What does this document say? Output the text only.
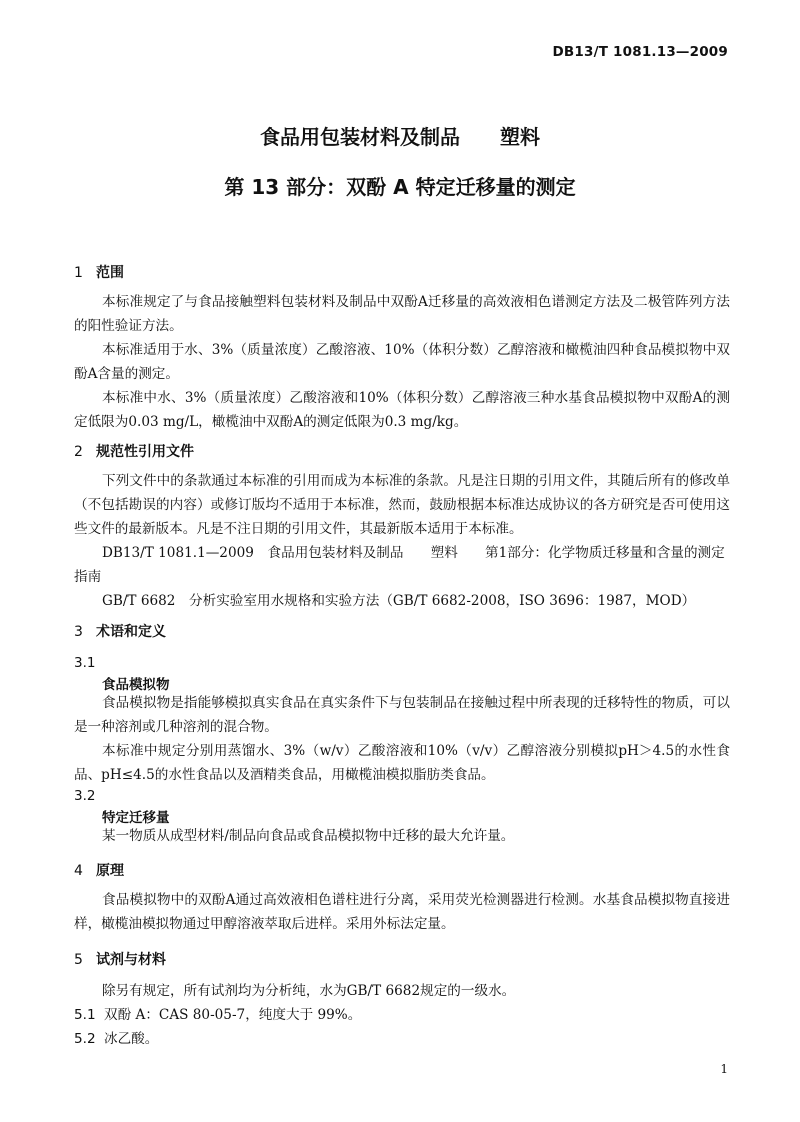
DB13/T 1081.13—2009
食品用包装材料及制品 塑料
第 13 部分：双酚 A 特定迁移量的测定
1 范围
本标准规定了与食品接触塑料包装材料及制品中双酚A迁移量的高效液相色谱测定方法及二极管阵列方法的阳性验证方法。
本标准适用于水、3%（质量浓度）乙酸溶液、10%（体积分数）乙醇溶液和橄榄油四种食品模拟物中双酚A含量的测定。
本标准中水、3%（质量浓度）乙酸溶液和10%（体积分数）乙醇溶液三种水基食品模拟物中双酚A的测定低限为0.03 mg/L，橄榄油中双酚A的测定低限为0.3 mg/kg。
2 规范性引用文件
下列文件中的条款通过本标准的引用而成为本标准的条款。凡是注日期的引用文件，其随后所有的修改单（不包括勘误的内容）或修订版均不适用于本标准，然而，鼓励根据本标准达成协议的各方研究是否可使用这些文件的最新版本。凡是不注日期的引用文件，其最新版本适用于本标准。
DB13/T 1081.1—2009　食品用包装材料及制品　　塑料　　第1部分：化学物质迁移量和含量的测定
指南
GB/T 6682　分析实验室用水规格和实验方法（GB/T 6682-2008，ISO 3696：1987，MOD）
3 术语和定义
3.1
食品模拟物
食品模拟物是指能够模拟真实食品在真实条件下与包装制品在接触过程中所表现的迁移特性的物质，可以是一种溶剂或几种溶剂的混合物。
本标准中规定分别用蒸馏水、3%（w/v）乙酸溶液和10%（v/v）乙醇溶液分别模拟pH＞4.5的水性食品、pH≤4.5的水性食品以及酒精类食品，用橄榄油模拟脂肪类食品。
3.2
特定迁移量
某一物质从成型材料/制品向食品或食品模拟物中迁移的最大允许量。
4 原理
食品模拟物中的双酚A通过高效液相色谱柱进行分离，采用荧光检测器进行检测。水基食品模拟物直接进样，橄榄油模拟物通过甲醇溶液萃取后进样。采用外标法定量。
5 试剂与材料
除另有规定，所有试剂均为分析纯，水为GB/T 6682规定的一级水。
5.1 双酚 A：CAS 80-05-7，纯度大于 99%。
5.2 冰乙酸。
1
